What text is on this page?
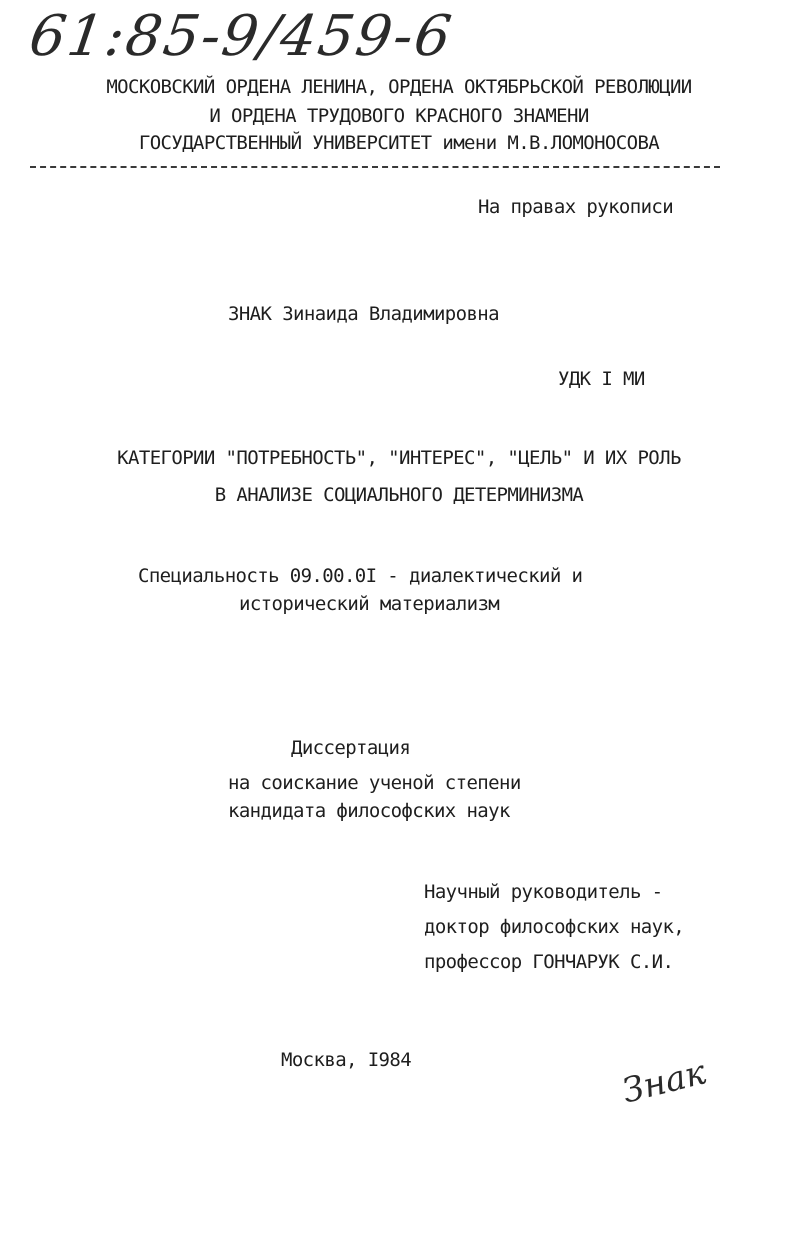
61:85-9/459-6
МОСКОВСКИЙ ОРДЕНА ЛЕНИНА, ОРДЕНА ОКТЯБРЬСКОЙ РЕВОЛЮЦИИ
И ОРДЕНА ТРУДОВОГО КРАСНОГО ЗНАМЕНИ
ГОСУДАРСТВЕННЫЙ УНИВЕРСИТЕТ имени М.В.ЛОМОНОСОВА
На правах рукописи
ЗНАК Зинаида Владимировна
УДК I МИ
КАТЕГОРИИ "ПОТРЕБНОСТЬ", "ИНТЕРЕС", "ЦЕЛЬ" И ИХ РОЛЬ
В АНАЛИЗЕ СОЦИАЛЬНОГО ДЕТЕРМИНИЗМА
Специальность 09.00.0I - диалектический и
исторический материализм
Диссертация
на соискание ученой степени
кандидата философских наук
Научный руководитель -
доктор философских наук,
профессор ГОНЧАРУК С.И.
Москва, I984	Знак
